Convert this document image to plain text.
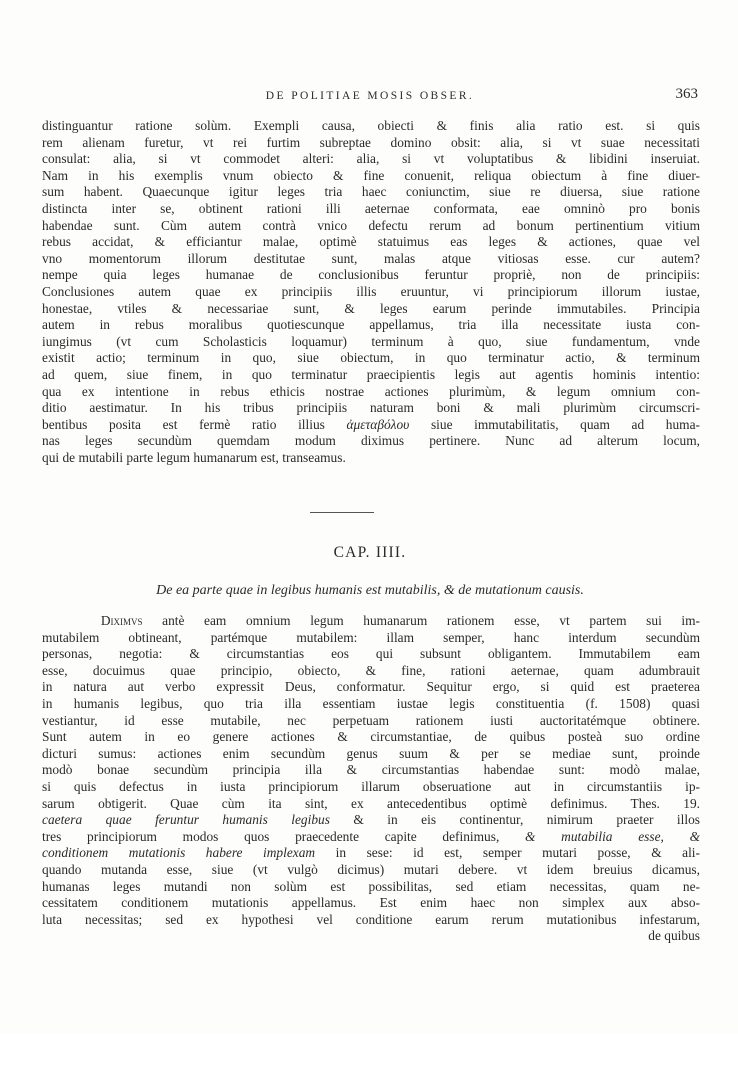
DE POLITIAE MOSIS OBSER.	363
distinguantur ratione solùm. Exempli causa, obiecti & finis alia ratio est. si quis
rem alienam furetur, vt rei furtim subreptae domino obsit: alia, si vt suae necessitati
consulat: alia, si vt commodet alteri: alia, si vt voluptatibus & libidini inseruiat.
Nam in his exemplis vnum obiecto & fine conuenit, reliqua obiectum à fine diuer-
sum habent. Quaecunque igitur leges tria haec coniunctim, siue re diuersa, siue ratione
distincta inter se, obtinent rationi illi aeternae conformata, eae omninò pro bonis
habendae sunt. Cùm autem contrà vnico defectu rerum ad bonum pertinentium vitium
rebus accidat, & efficiantur malae, optimè statuimus eas leges & actiones, quae vel
vno momentorum illorum destitutae sunt, malas atque vitiosas esse. cur autem?
nempe quia leges humanae de conclusionibus feruntur propriè, non de principiis:
Conclusiones autem quae ex principiis illis eruuntur, vi principiorum illorum iustae,
honestae, vtiles & necessariae sunt, & leges earum perinde immutabiles. Principia
autem in rebus moralibus quotiescunque appellamus, tria illa necessitate iusta con-
iungimus (vt cum Scholasticis loquamur) terminum à quo, siue fundamentum, vnde
existit actio; terminum in quo, siue obiectum, in quo terminatur actio, & terminum
ad quem, siue finem, in quo terminatur praecipientis legis aut agentis hominis intentio:
qua ex intentione in rebus ethicis nostrae actiones plurimùm, & legum omnium con-
ditio aestimatur. In his tribus principiis naturam boni & mali plurimùm circumscri-
bentibus posita est fermè ratio illius ἀμεταβόλου siue immutabilitatis, quam ad huma-
nas leges secundùm quemdam modum diximus pertinere. Nunc ad alterum locum,
qui de mutabili parte legum humanarum est, transeamus.
CAP. IIII.
De ea parte quae in legibus humanis est mutabilis, & de mutationum causis.
Diximvs antè eam omnium legum humanarum rationem esse, vt partem sui im-
mutabilem obtineant, partémque mutabilem: illam semper, hanc interdum secundùm
personas, negotia: & circumstantias eos qui subsunt obligantem. Immutabilem eam
esse, docuimus quae principio, obiecto, & fine, rationi aeternae, quam adumbrauit
in natura aut verbo expressit Deus, conformatur. Sequitur ergo, si quid est praeterea
in humanis legibus, quo tria illa essentiam iustae legis constituentia (f. 1508) quasi
vestiantur, id esse mutabile, nec perpetuam rationem iusti auctoritatémque obtinere.
Sunt autem in eo genere actiones & circumstantiae, de quibus posteà suo ordine
dicturi sumus: actiones enim secundùm genus suum & per se mediae sunt, proinde
modò bonae secundùm principia illa & circumstantias habendae sunt: modò malae,
si quis defectus in iusta principiorum illarum obseruatione aut in circumstantiis ip-
sarum obtigerit. Quae cùm ita sint, ex antecedentibus optimè definimus. Thes. 19.
caetera quae feruntur humanis legibus & in eis continentur, nimirum praeter illos
tres principiorum modos quos praecedente capite definimus, & mutabilia esse, &
conditionem mutationis habere implexam in sese: id est, semper mutari posse, & ali-
quando mutanda esse, siue (vt vulgò dicimus) mutari debere. vt idem breuius dicamus,
humanas leges mutandi non solùm est possibilitas, sed etiam necessitas, quam ne-
cessitatem conditionem mutationis appellamus. Est enim haec non simplex aux abso-
luta necessitas; sed ex hypothesi vel conditione earum rerum mutationibus infestarum,
de quibus
